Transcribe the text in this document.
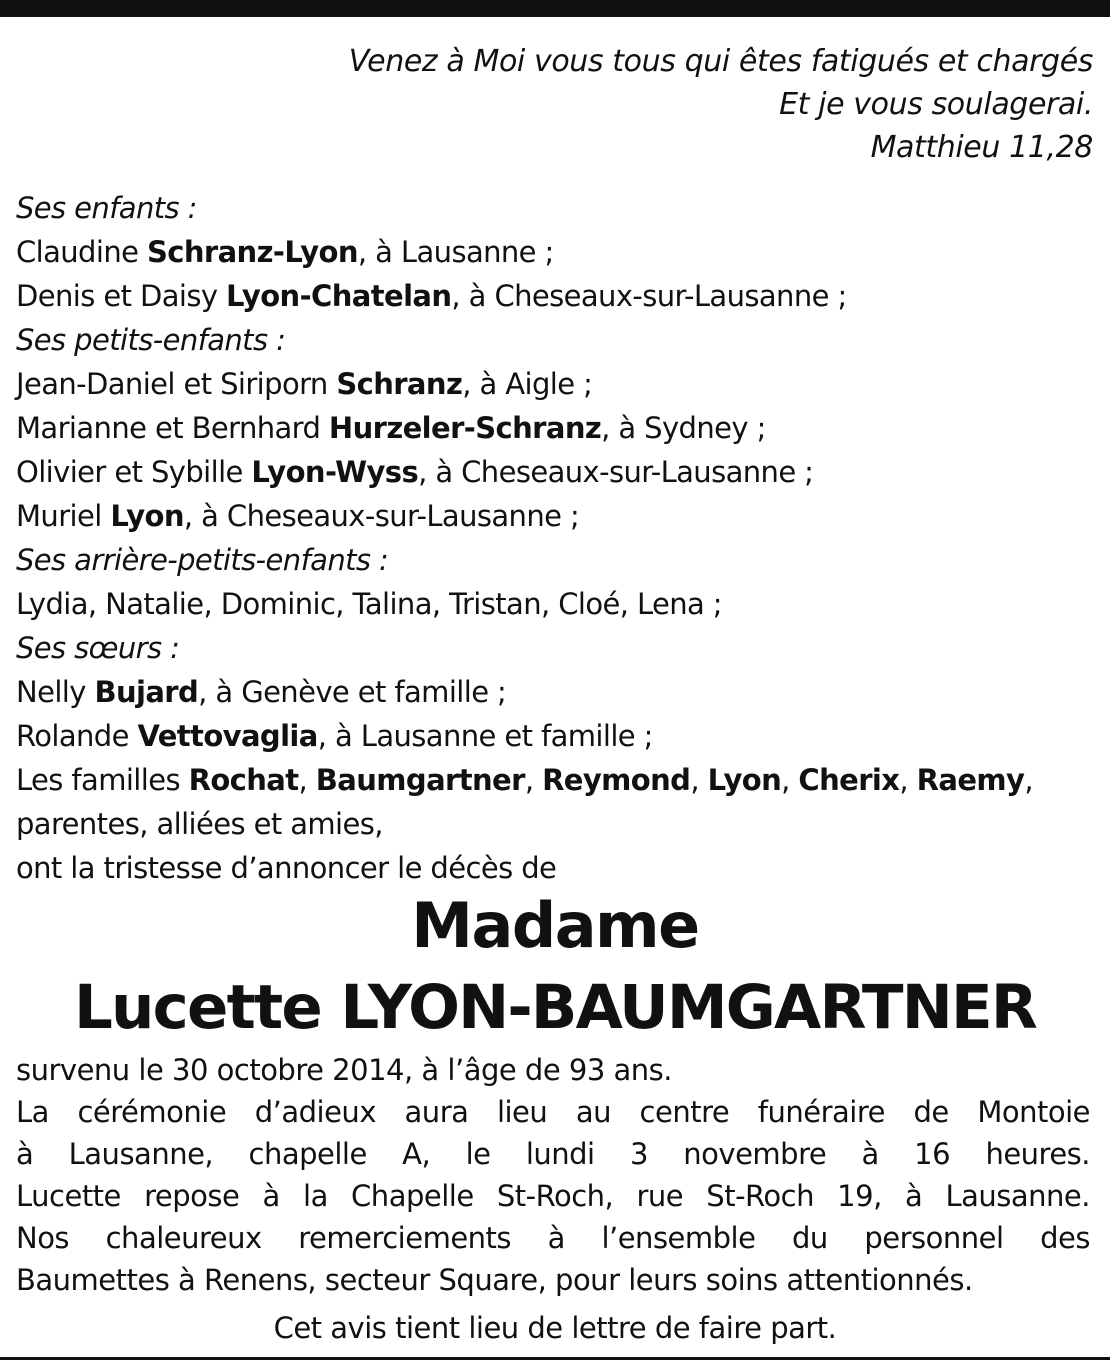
Venez à Moi vous tous qui êtes fatigués et chargés
Et je vous soulagerai.
Matthieu 11,28
Ses enfants :
Claudine Schranz-Lyon, à Lausanne ;
Denis et Daisy Lyon-Chatelan, à Cheseaux-sur-Lausanne ;
Ses petits-enfants :
Jean-Daniel et Siriporn Schranz, à Aigle ;
Marianne et Bernhard Hurzeler-Schranz, à Sydney ;
Olivier et Sybille Lyon-Wyss, à Cheseaux-sur-Lausanne ;
Muriel Lyon, à Cheseaux-sur-Lausanne ;
Ses arrière-petits-enfants :
Lydia, Natalie, Dominic, Talina, Tristan, Cloé, Lena ;
Ses sœurs :
Nelly Bujard, à Genève et famille ;
Rolande Vettovaglia, à Lausanne et famille ;
Les familles Rochat, Baumgartner, Reymond, Lyon, Cherix, Raemy,
parentes, alliées et amies,
ont la tristesse d’annoncer le décès de
Madame
Lucette LYON-BAUMGARTNER
survenu le 30 octobre 2014, à l’âge de 93 ans.
La cérémonie d’adieux aura lieu au centre funéraire de Montoie
à Lausanne, chapelle A, le lundi 3 novembre à 16 heures.
Lucette repose à la Chapelle St-Roch, rue St-Roch 19, à Lausanne.
Nos chaleureux remerciements à l’ensemble du personnel des
Baumettes à Renens, secteur Square, pour leurs soins attentionnés.
Cet avis tient lieu de lettre de faire part.
